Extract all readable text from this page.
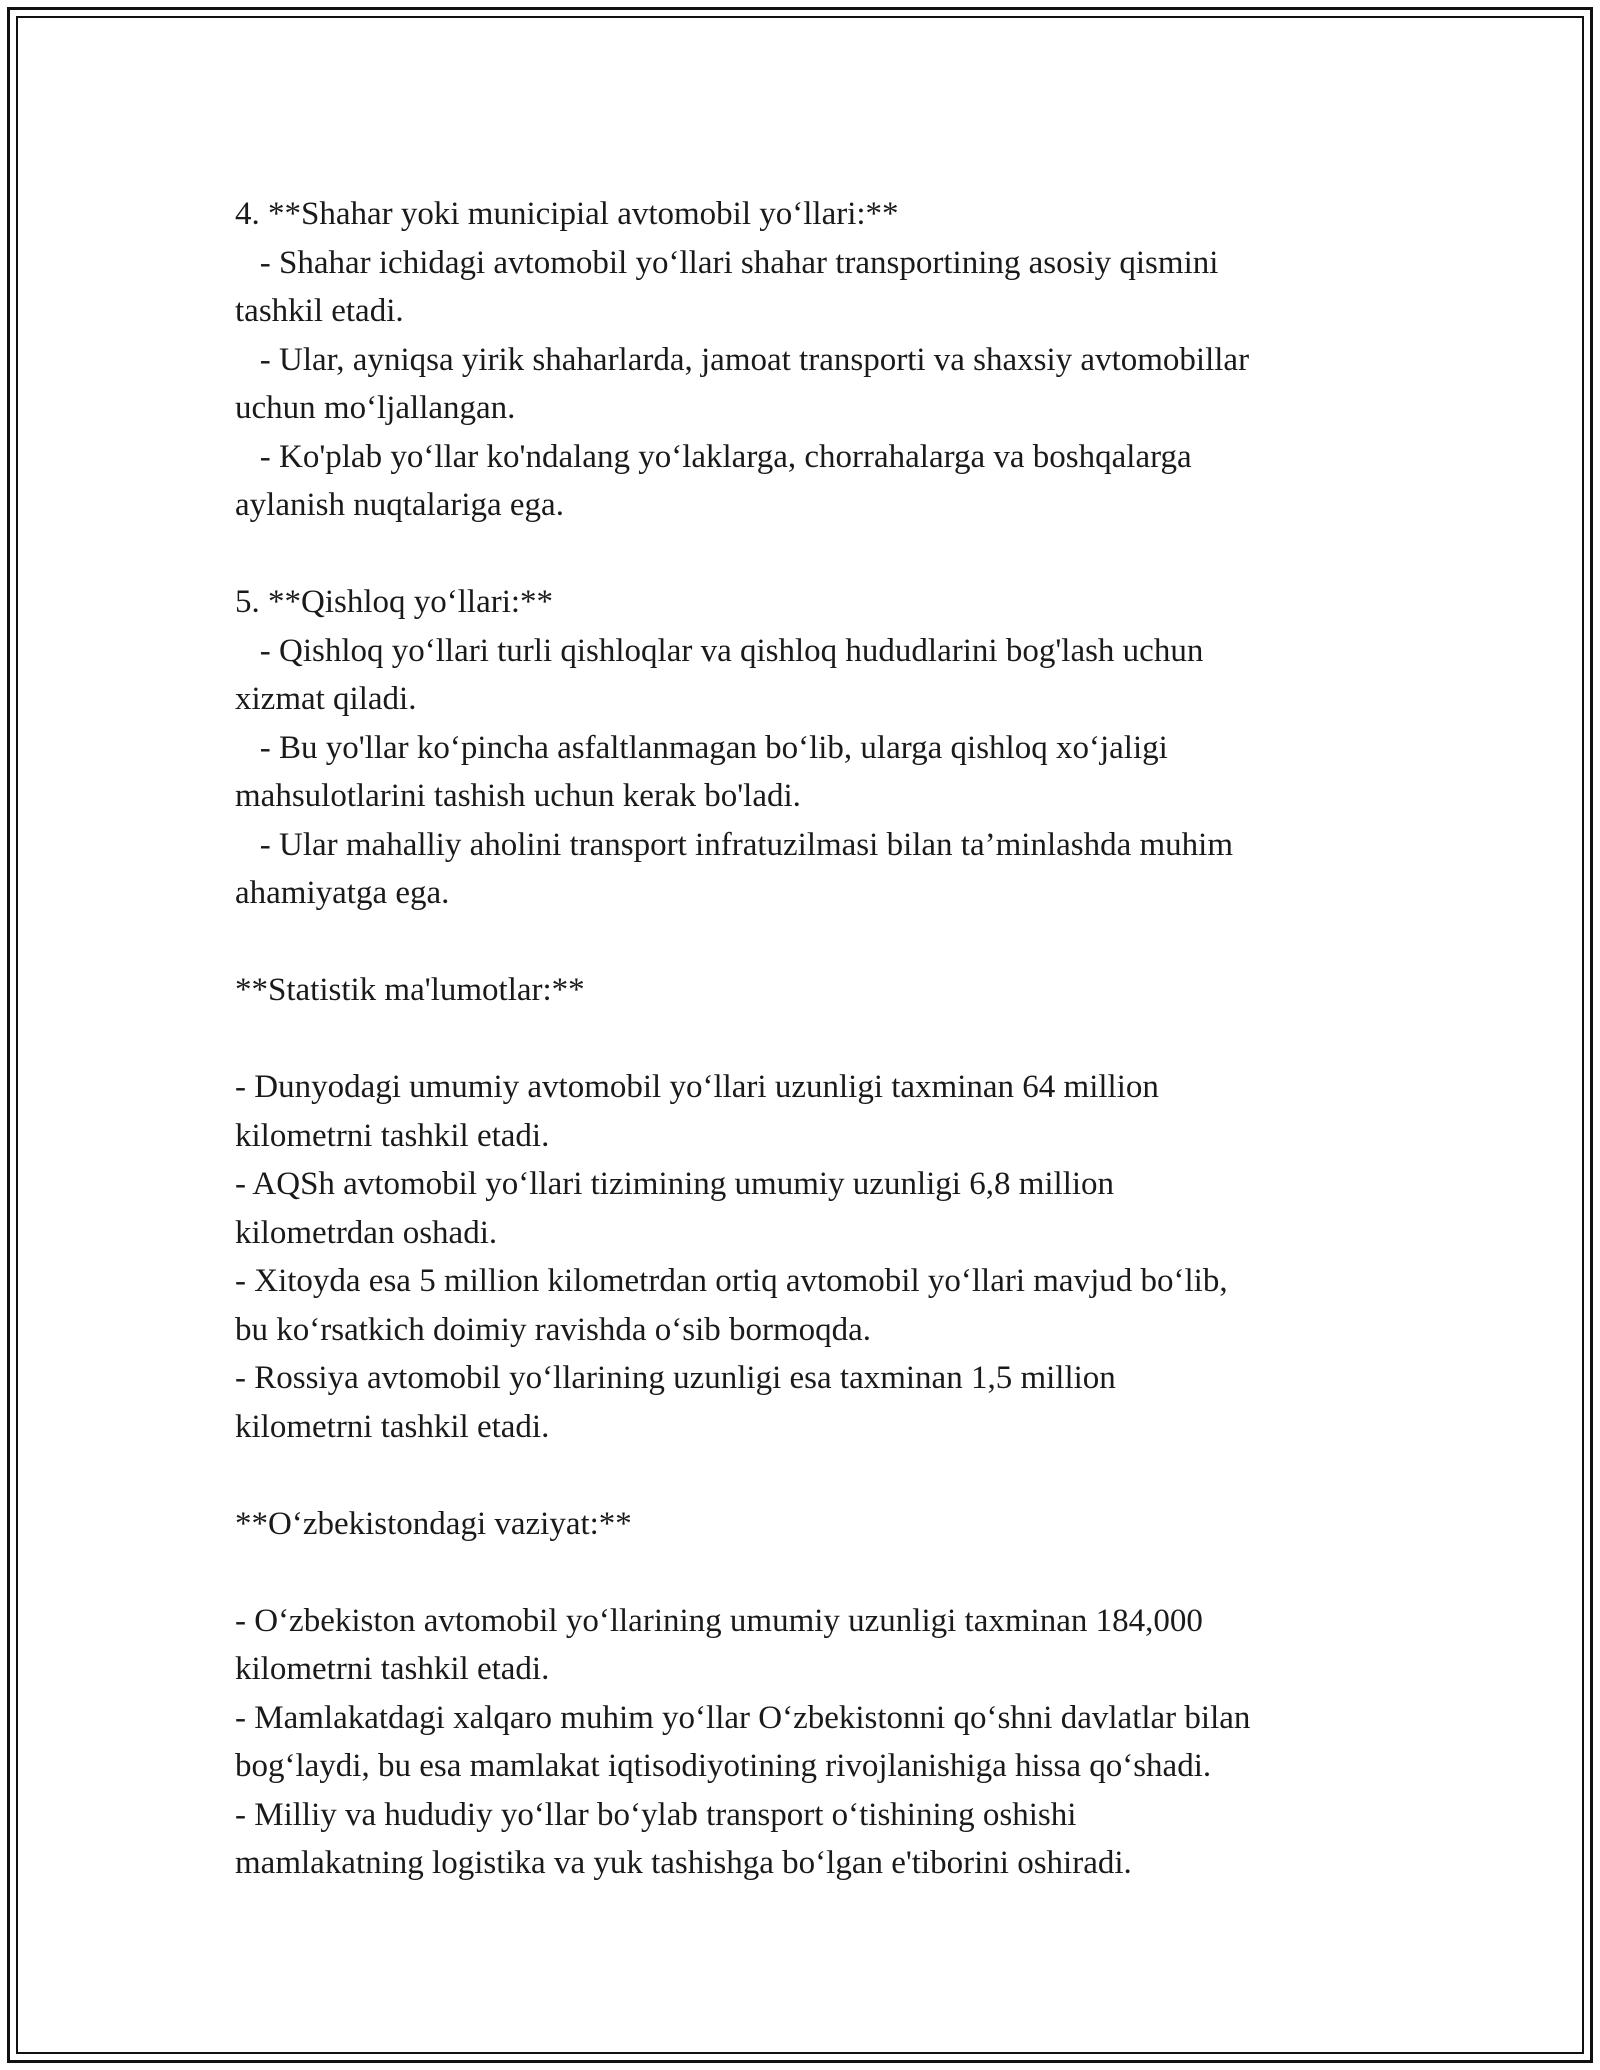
4. **Shahar yoki municipial avtomobil yo‘llari:**
- Shahar ichidagi avtomobil yo‘llari shahar transportining asosiy qismini
tashkil etadi.
- Ular, ayniqsa yirik shaharlarda, jamoat transporti va shaxsiy avtomobillar
uchun mo‘ljallangan.
- Ko'plab yo‘llar ko'ndalang yo‘laklarga, chorrahalarga va boshqalarga
aylanish nuqtalariga ega.
5. **Qishloq yo‘llari:**
- Qishloq yo‘llari turli qishloqlar va qishloq hududlarini bog'lash uchun
xizmat qiladi.
- Bu yo'llar ko‘pincha asfaltlanmagan bo‘lib, ularga qishloq xo‘jaligi
mahsulotlarini tashish uchun kerak bo'ladi.
- Ular mahalliy aholini transport infratuzilmasi bilan ta’minlashda muhim
ahamiyatga ega.
**Statistik ma'lumotlar:**
- Dunyodagi umumiy avtomobil yo‘llari uzunligi taxminan 64 million
kilometrni tashkil etadi.
- AQSh avtomobil yo‘llari tizimining umumiy uzunligi 6,8 million
kilometrdan oshadi.
- Xitoyda esa 5 million kilometrdan ortiq avtomobil yo‘llari mavjud bo‘lib,
bu ko‘rsatkich doimiy ravishda o‘sib bormoqda.
- Rossiya avtomobil yo‘llarining uzunligi esa taxminan 1,5 million
kilometrni tashkil etadi.
**O‘zbekistondagi vaziyat:**
- O‘zbekiston avtomobil yo‘llarining umumiy uzunligi taxminan 184,000
kilometrni tashkil etadi.
- Mamlakatdagi xalqaro muhim yo‘llar O‘zbekistonni qo‘shni davlatlar bilan
bog‘laydi, bu esa mamlakat iqtisodiyotining rivojlanishiga hissa qo‘shadi.
- Milliy va hududiy yo‘llar bo‘ylab transport o‘tishining oshishi
mamlakatning logistika va yuk tashishga bo‘lgan e'tiborini oshiradi.
